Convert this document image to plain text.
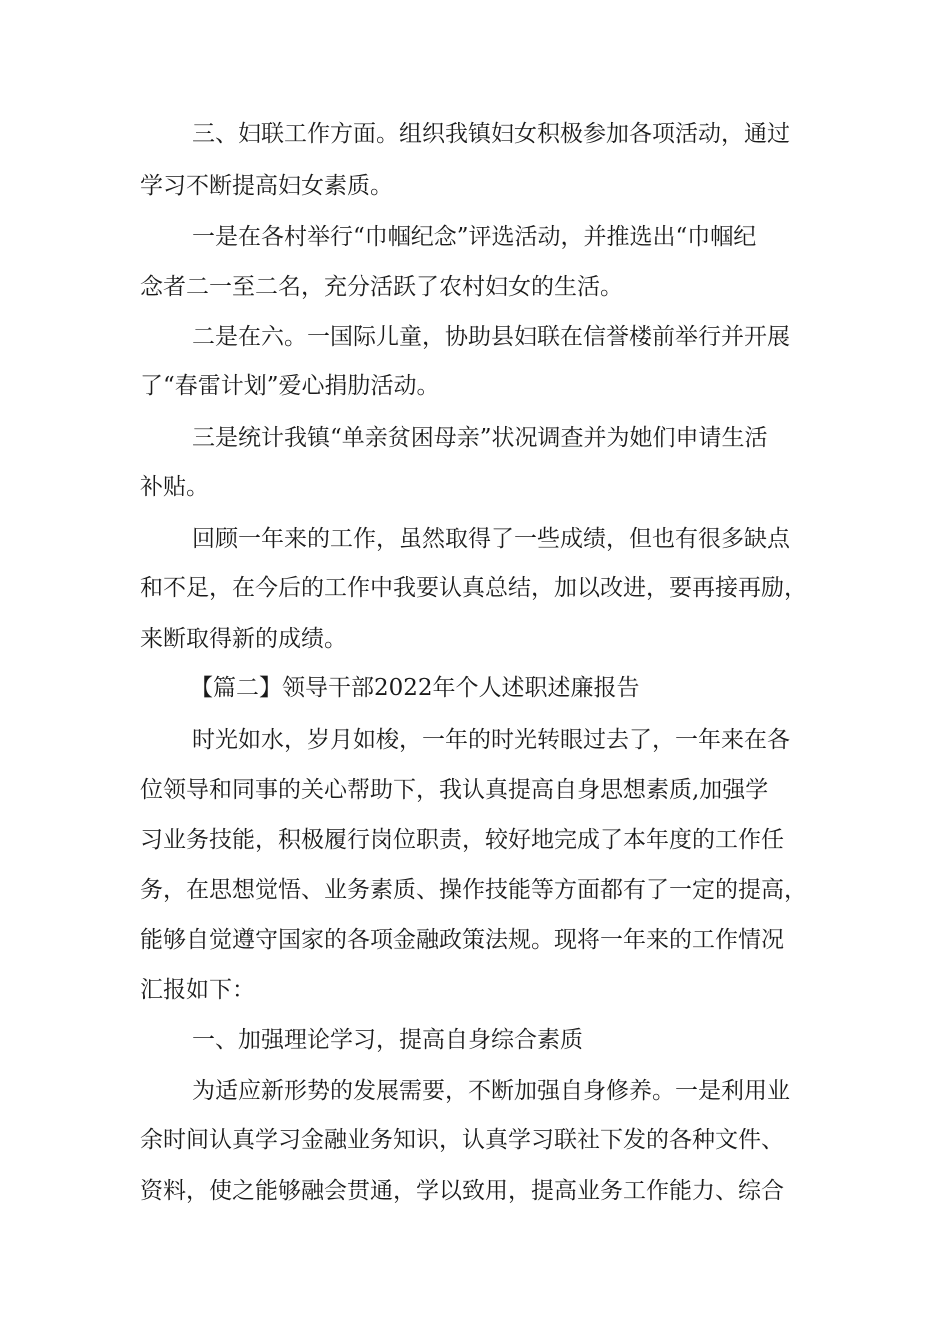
三、妇联工作方面。组织我镇妇女积极参加各项活动，通过
学习不断提高妇女素质。
一是在各村举行“巾帼纪念”评选活动，并推选出“巾帼纪
念者二一至二名，充分活跃了农村妇女的生活。
二是在六。一国际儿童，协助县妇联在信誉楼前举行并开展
了“春雷计划”爱心捐肋活动。
三是统计我镇“单亲贫困母亲”状况调查并为她们申请生活
补贴。
回顾一年来的工作，虽然取得了一些成绩，但也有很多缺点
和不足，在今后的工作中我要认真总结，加以改进，要再接再励，
来断取得新的成绩。
【篇二】领导干部2022年个人述职述廉报告
时光如水，岁月如梭，一年的时光转眼过去了，一年来在各
位领导和同事的关心帮助下，我认真提高自身思想素质,加强学
习业务技能，积极履行岗位职责，较好地完成了本年度的工作任
务，在思想觉悟、业务素质、操作技能等方面都有了一定的提高，
能够自觉遵守国家的各项金融政策法规。现将一年来的工作情况
汇报如下：
一、加强理论学习，提高自身综合素质
为适应新形势的发展需要，不断加强自身修养。一是利用业
余时间认真学习金融业务知识，认真学习联社下发的各种文件、
资料，使之能够融会贯通，学以致用，提高业务工作能力、综合
